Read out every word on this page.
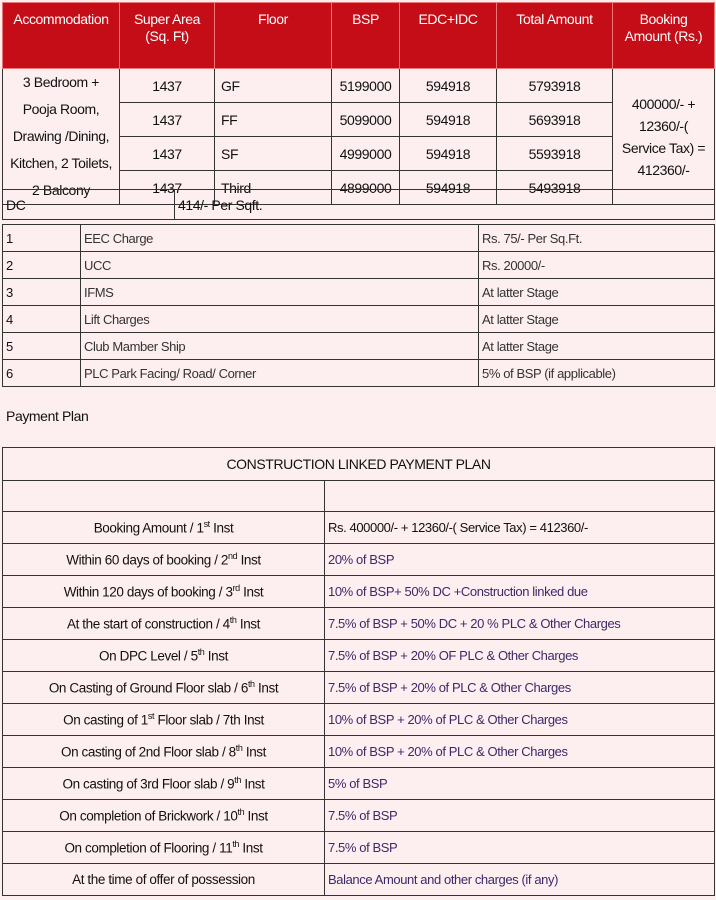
Accommodation	Super Area (Sq. Ft)	Floor	BSP	EDC+IDC	Total Amount	Booking Amount (Rs.)
3 Bedroom + Pooja Room, Drawing /Dining, Kitchen, 2 Toilets, 2 Balcony	1437	GF	5199000	594918	5793918	400000/- + 12360/-( Service Tax) = 412360/-
	1437	FF	5099000	594918	5693918	
	1437	SF	4999000	594918	5593918	
	1437	Third	4899000	594918	5493918	
DC	414/- Per Sqft.
1	EEC Charge	Rs. 75/- Per Sq.Ft.
2	UCC	Rs. 20000/-
3	IFMS	At latter Stage
4	Lift Charges	At latter Stage
5	Club Mamber Ship	At latter Stage
6	PLC Park Facing/ Road/ Corner	5% of BSP (if applicable)
Payment Plan
CONSTRUCTION LINKED PAYMENT PLAN	

Booking Amount / 1st Inst	Rs. 400000/- + 12360/-( Service Tax) = 412360/-
Within 60 days of booking / 2nd Inst	20% of BSP
Within 120 days of booking / 3rd Inst	10% of BSP+ 50% DC +Construction linked due
At the start of construction / 4th Inst	7.5% of BSP + 50% DC + 20 % PLC & Other Charges
On DPC Level / 5th Inst	7.5% of BSP + 20% OF PLC & Other Charges
On Casting of Ground Floor slab / 6th Inst	7.5% of BSP + 20% of PLC & Other Charges
On casting of 1st Floor slab / 7th Inst	10% of BSP + 20% of PLC & Other Charges
On casting of 2nd Floor slab / 8th Inst	10% of BSP + 20% of PLC & Other Charges
On casting of 3rd Floor slab / 9th Inst	5% of BSP
On completion of Brickwork / 10th Inst	7.5% of BSP
On completion of Flooring / 11th Inst	7.5% of BSP
At the time of offer of possession	Balance Amount and other charges (if any)
